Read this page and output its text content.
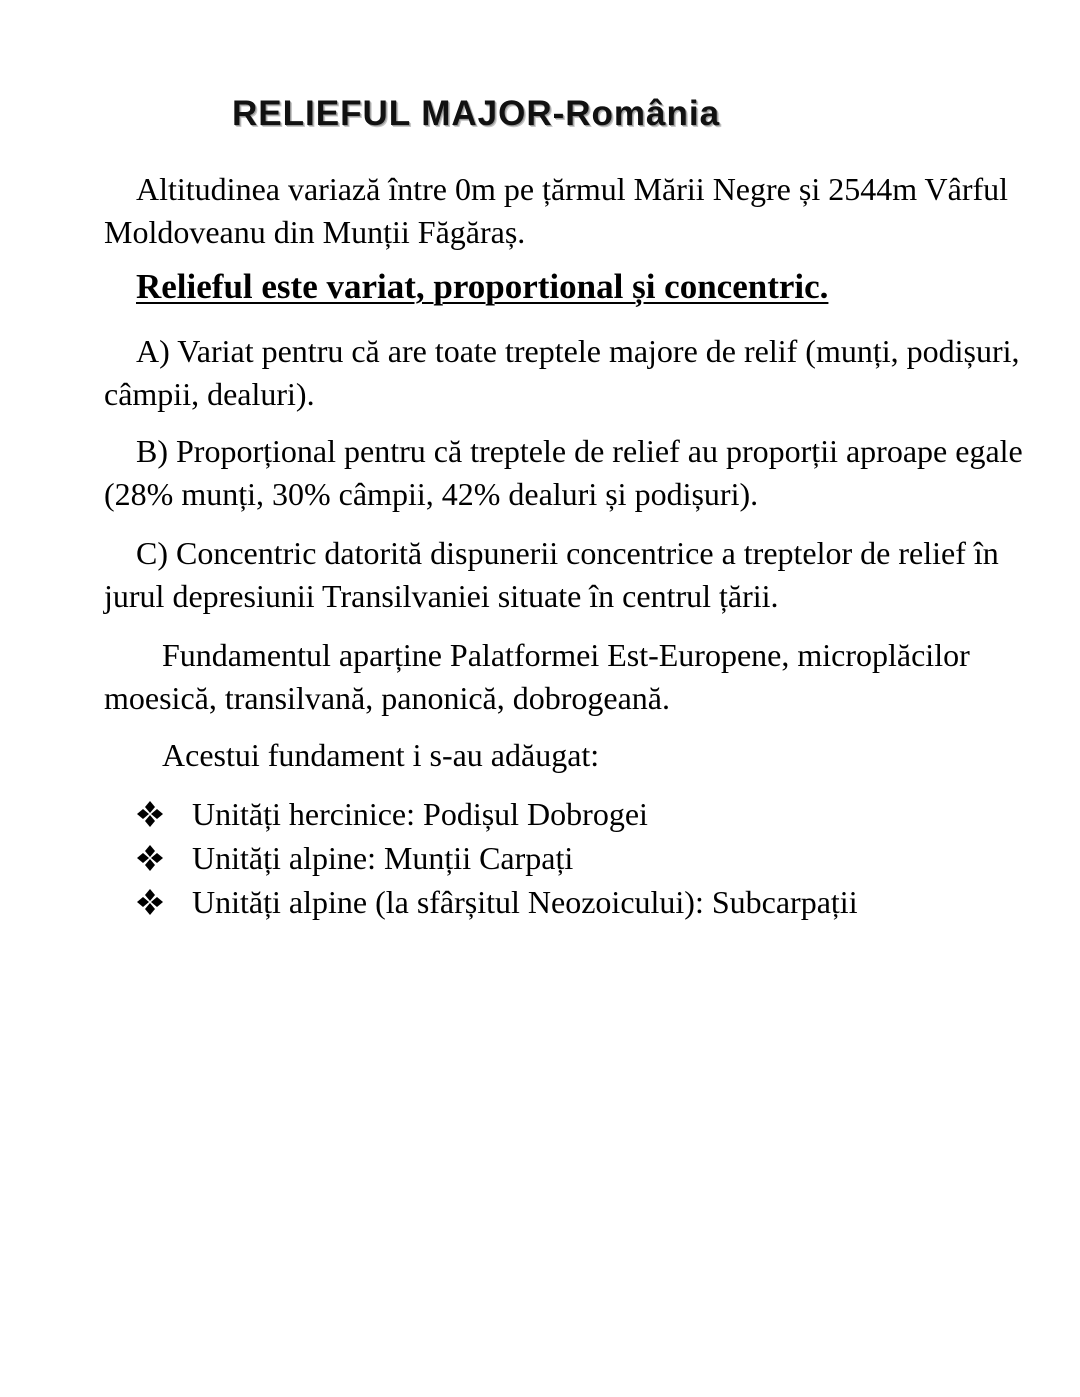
RELIEFUL MAJOR-România

Altitudinea variază între 0m pe țărmul Mării Negre și 2544m Vârful Moldoveanu din Munții Făgăraș.

Relieful este variat, proportional și concentric.

A) Variat pentru că are toate treptele majore de relif (munți, podișuri, câmpii, dealuri).

B) Proporțional pentru că treptele de relief au proporții aproape egale (28% munți, 30% câmpii, 42% dealuri și podișuri).

C) Concentric datorită dispunerii concentrice a treptelor de relief în jurul depresiunii Transilvaniei situate în centrul țării.

Fundamentul aparține Palatformei Est-Europene, microplăcilor moesică, transilvană, panonică, dobrogeană.

Acestui fundament i s-au adăugat:

Unități hercinice: Podișul Dobrogei
Unități alpine: Munții Carpați
Unități alpine (la sfârșitul Neozoicului): Subcarpații
